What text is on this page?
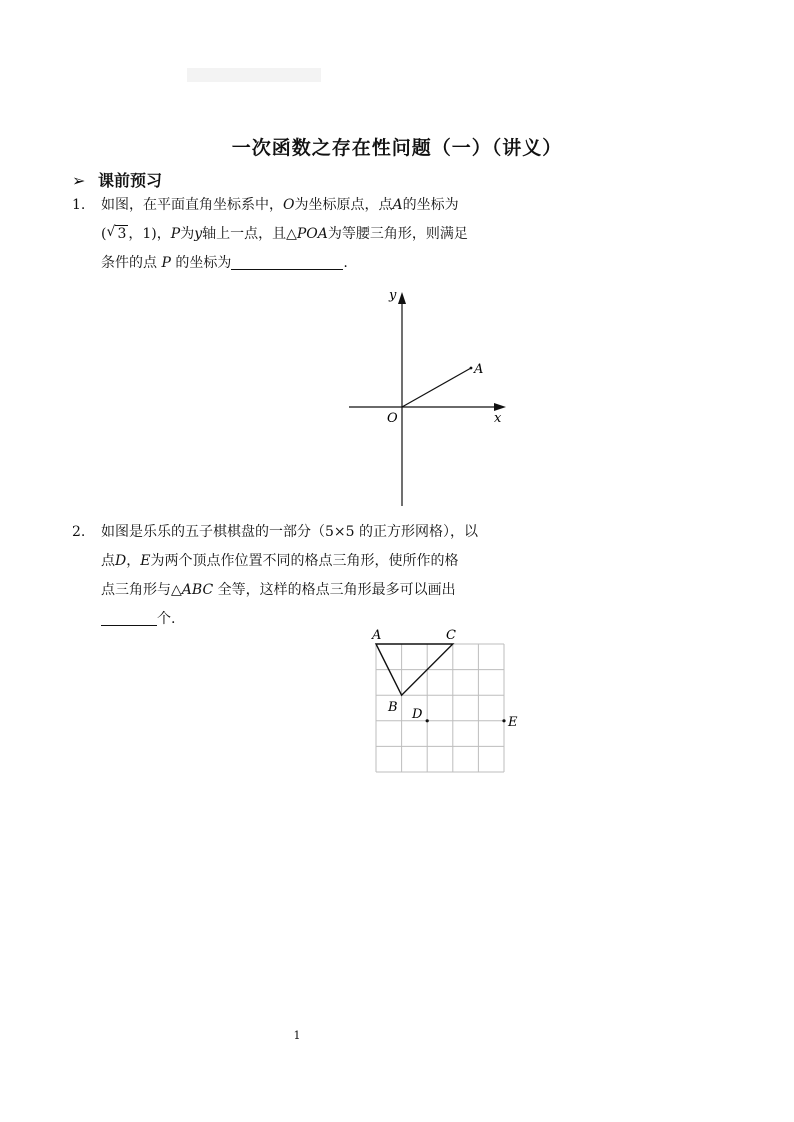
一次函数之存在性问题（一）（讲义）
➢ 课前预习
1. 如图，在平面直角坐标系中，O为坐标原点，点A的坐标为
( √ 3 ，1)，P为y轴上一点，且△POA为等腰三角形，则满足
条件的点 P 的坐标为	.
y
x
O
A
2. 如图是乐乐的五子棋棋盘的一部分（5×5 的正方形网格），以
点D，E为两个顶点作位置不同的格点三角形，使所作的格
点三角形与△ABC 全等，这样的格点三角形最多可以画出
个.
A	C
B D
E
1
